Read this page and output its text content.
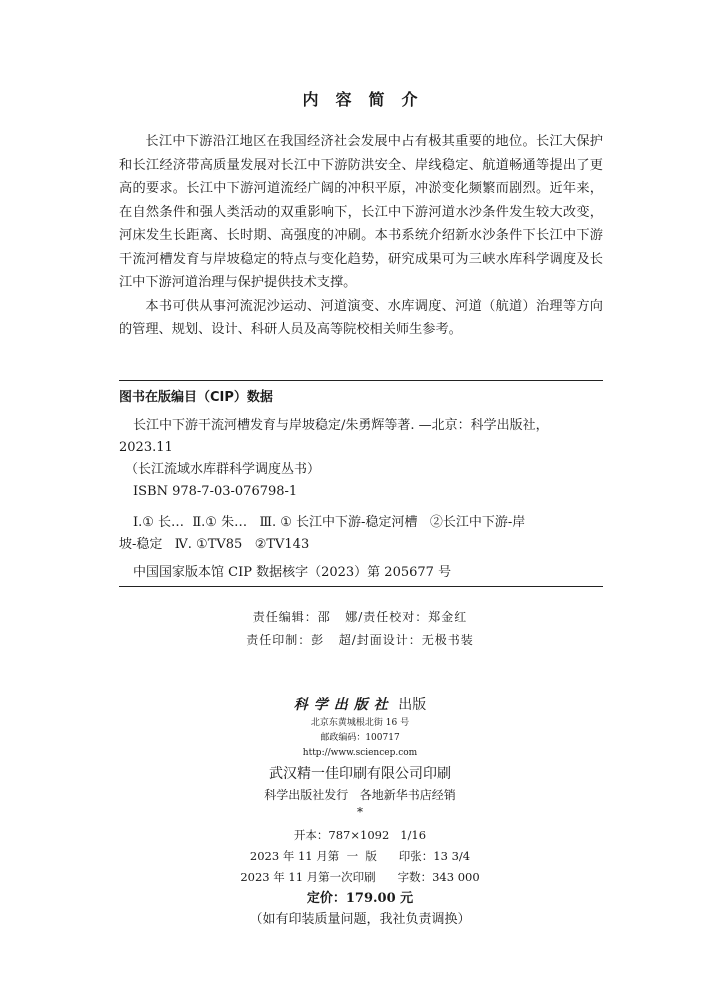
内容简介

长江中下游沿江地区在我国经济社会发展中占有极其重要的地位。长江大保护和长江经济带高质量发展对长江中下游防洪安全、岸线稳定、航道畅通等提出了更高的要求。长江中下游河道流经广阔的冲积平原，冲淤变化频繁而剧烈。近年来，在自然条件和强人类活动的双重影响下，长江中下游河道水沙条件发生较大改变，河床发生长距离、长时期、高强度的冲刷。本书系统介绍新水沙条件下长江中下游干流河槽发育与岸坡稳定的特点与变化趋势，研究成果可为三峡水库科学调度及长江中下游河道治理与保护提供技术支撑。

本书可供从事河流泥沙运动、河道演变、水库调度、河道（航道）治理等方向的管理、规划、设计、科研人员及高等院校相关师生参考。

图书在版编目（CIP）数据
长江中下游干流河槽发育与岸坡稳定/朱勇辉等著. —北京：科学出版社，
2023.11
（长江流域水库群科学调度丛书）
ISBN 978-7-03-076798-1
Ⅰ.① 长…  Ⅱ.① 朱…   Ⅲ. ① 长江中下游-稳定河槽   ②长江中下游-岸
坡-稳定   Ⅳ. ①TV85   ②TV143
中国国家版本馆 CIP 数据核字（2023）第 205677 号
责任编辑：邵   娜/责任校对：郑金红
责任印制：彭   超/封面设计：无极书装
科学出版社 出版
北京东黄城根北街 16 号
邮政编码：100717
http://www.sciencep.com
武汉精一佳印刷有限公司印刷
科学出版社发行   各地新华书店经销
*
开本：787×1092   1/16
2023 年 11 月第  一  版      印张：13 3/4
2023 年 11 月第一次印刷      字数：343 000
定价：179.00 元
（如有印装质量问题，我社负责调换）
